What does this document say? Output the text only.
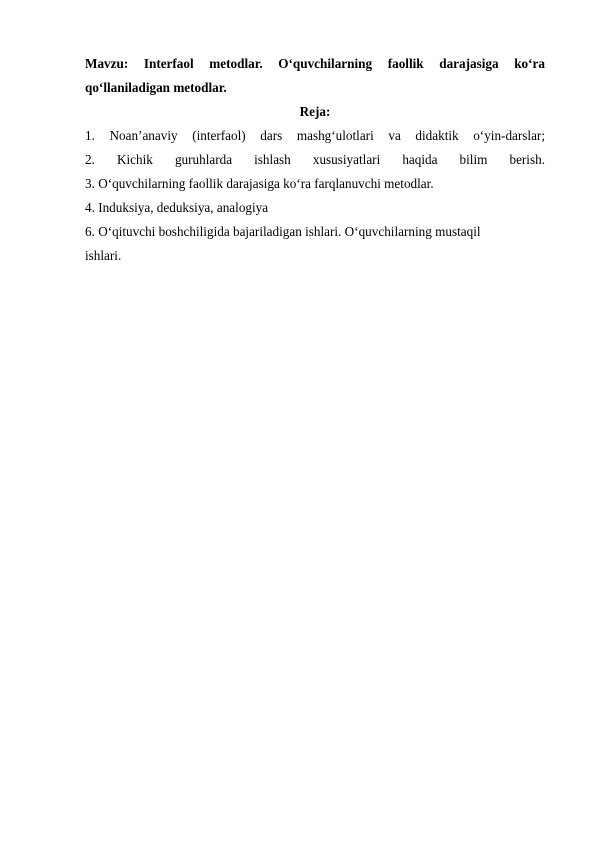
Mavzu: Interfaol metodlar. O‘quvchilarning faollik darajasiga ko‘ra
qo‘llaniladigan metodlar.

Reja:

1. Noan’anaviy (interfaol) dars mashg‘ulotlari va didaktik o‘yin-darslar;

2. Kichik guruhlarda ishlash xususiyatlari haqida bilim berish.

3. O‘quvchilarning faollik darajasiga ko‘ra farqlanuvchi metodlar.

4. Induksiya, deduksiya, analogiya

6. O‘qituvchi boshchiligida bajariladigan ishlari. O‘quvchilarning mustaqil
ishlari.
